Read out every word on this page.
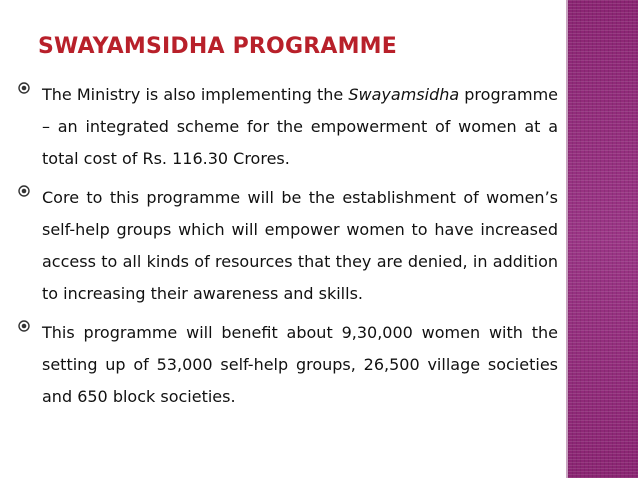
SWAYAMSIDHA PROGRAMME

The Ministry is also implementing the Swayamsidha programme – an integrated scheme for the empowerment of women at a total cost of Rs. 116.30 Crores.

Core to this programme will be the establishment of women’s self-help groups which will empower women to have increased access to all kinds of resources that they are denied, in addition to increasing their awareness and skills.

This programme will benefit about 9,30,000 women with the setting up of 53,000 self-help groups, 26,500 village societies and 650 block societies.
